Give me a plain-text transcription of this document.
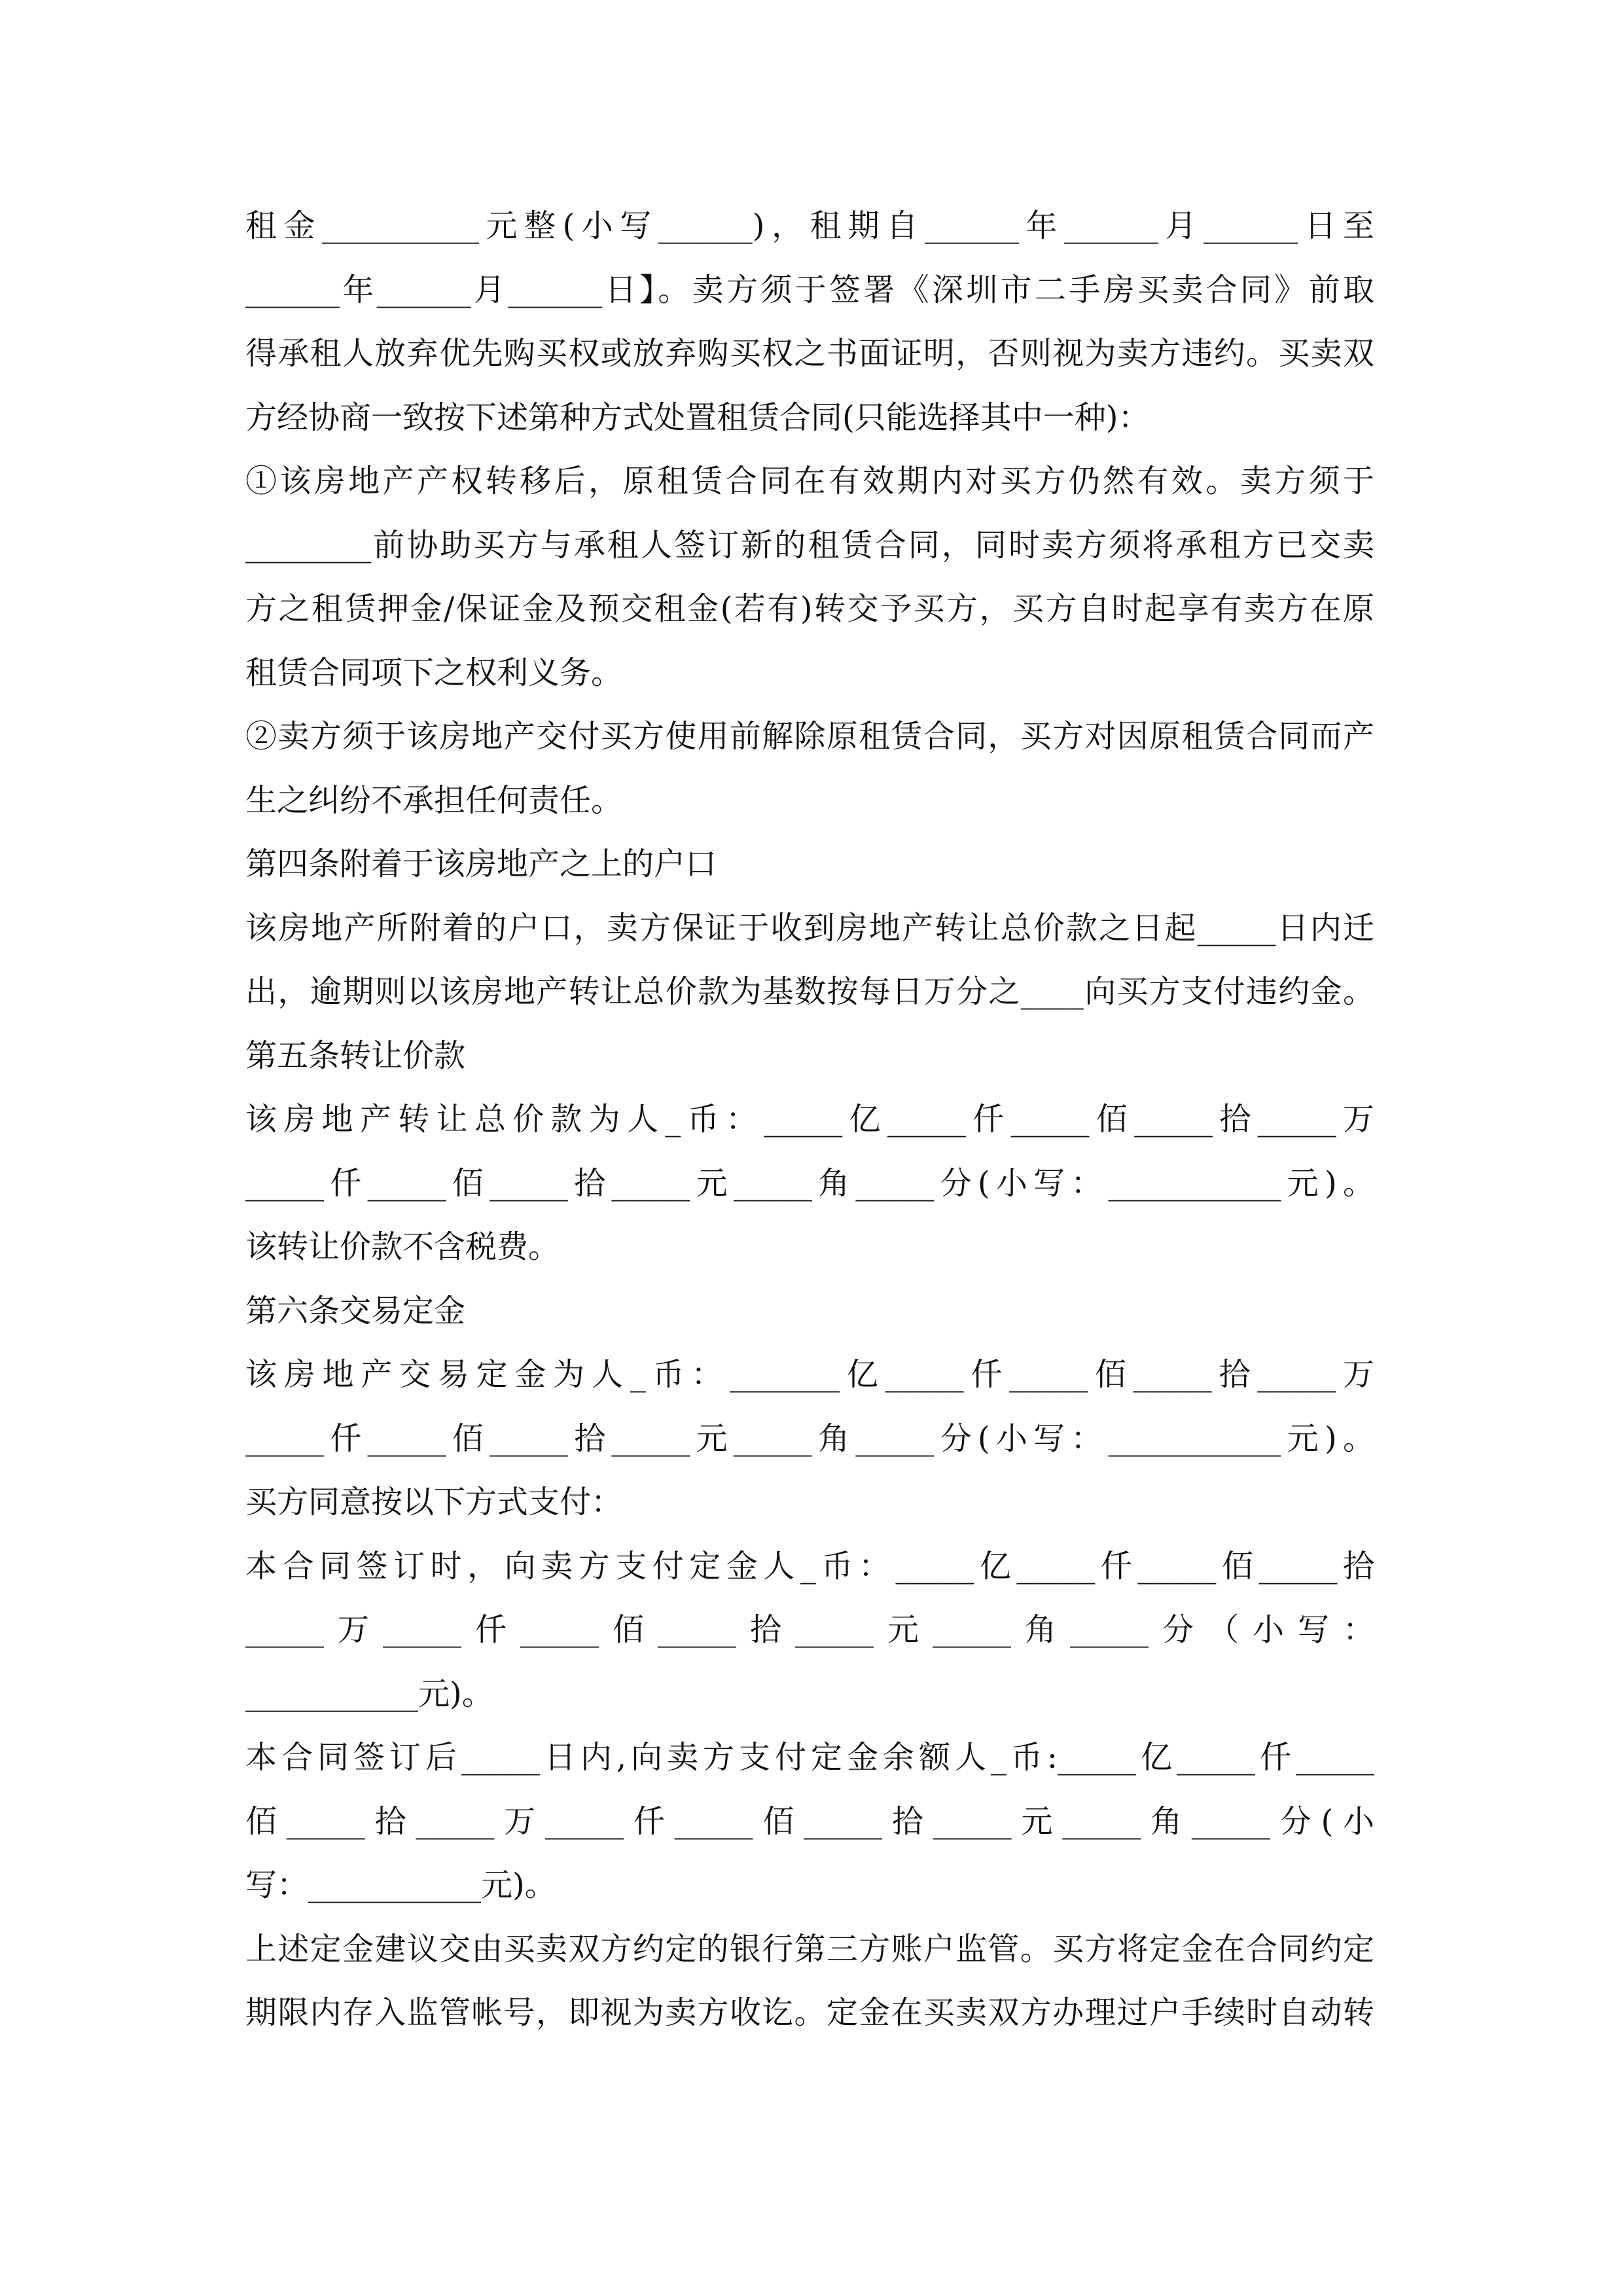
租金__________元整(小写______)，租期自______年______月______日至
______年______月______日】。卖方须于签署《深圳市二手房买卖合同》前取
得承租人放弃优先购买权或放弃购买权之书面证明，否则视为卖方违约。买卖双
方经协商一致按下述第种方式处置租赁合同(只能选择其中一种)：
①该房地产产权转移后，原租赁合同在有效期内对买方仍然有效。卖方须于
________前协助买方与承租人签订新的租赁合同，同时卖方须将承租方已交卖
方之租赁押金/保证金及预交租金(若有)转交予买方，买方自时起享有卖方在原
租赁合同项下之权利义务。
②卖方须于该房地产交付买方使用前解除原租赁合同，买方对因原租赁合同而产
生之纠纷不承担任何责任。
第四条附着于该房地产之上的户口
该房地产所附着的户口，卖方保证于收到房地产转让总价款之日起_____日内迁
出，逾期则以该房地产转让总价款为基数按每日万分之____向买方支付违约金。
第五条转让价款
该房地产转让总价款为人_币：_____亿_____仟_____佰_____拾_____万
_____仟_____佰_____拾_____元_____角_____分(小写：___________元)。
该转让价款不含税费。
第六条交易定金
该房地产交易定金为人_币：_______亿_____仟_____佰_____拾_____万
_____仟_____佰_____拾_____元_____角_____分(小写：___________元)。
买方同意按以下方式支付：
本合同签订时，向卖方支付定金人_币：_____亿_____仟_____佰_____拾
_____万_____仟_____佰_____拾_____元_____角_____分（小写：
___________元)。
本合同签订后_____日内,向卖方支付定金余额人_币:_____亿_____仟_____
佰_____拾_____万_____仟_____佰_____拾_____元_____角_____分(小
写：___________元)。
上述定金建议交由买卖双方约定的银行第三方账户监管。买方将定金在合同约定
期限内存入监管帐号，即视为卖方收讫。定金在买卖双方办理过户手续时自动转
